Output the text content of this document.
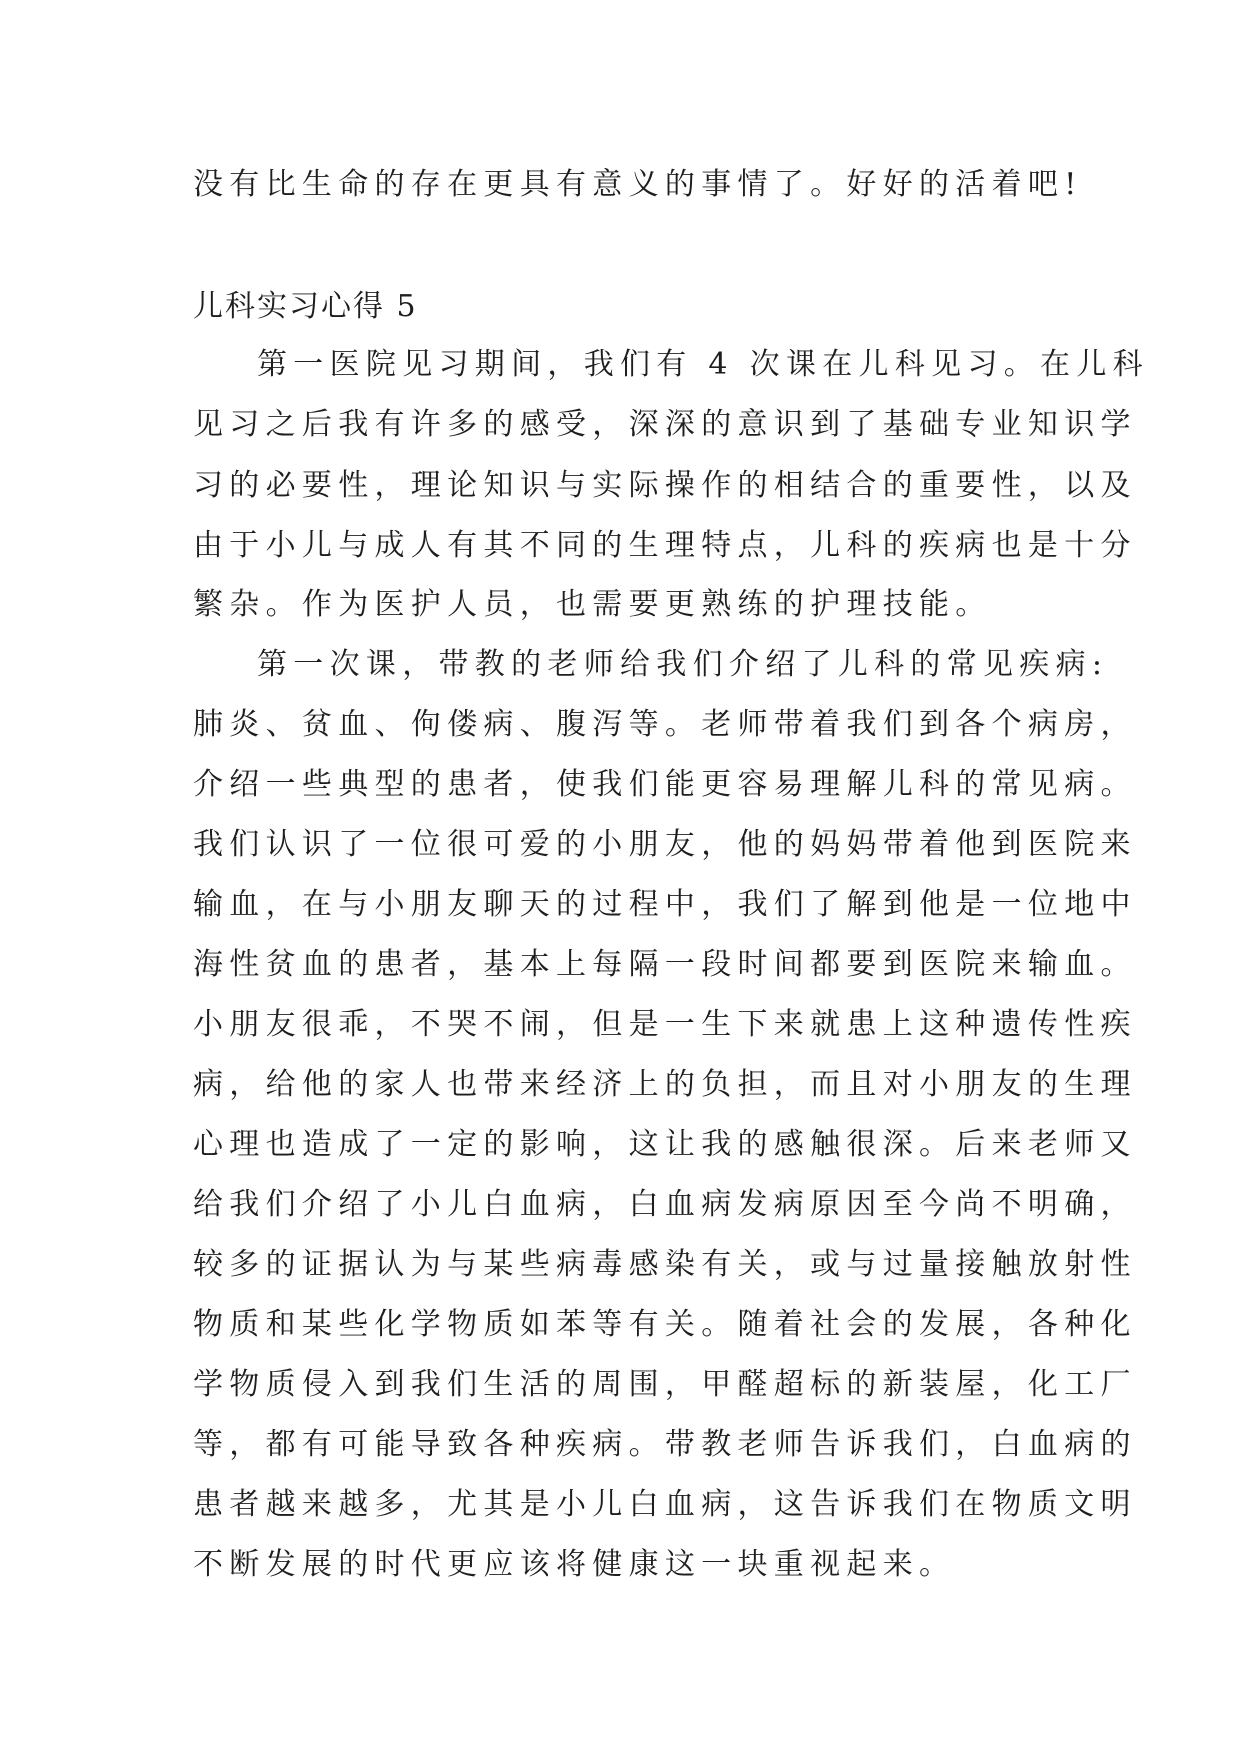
没有比生命的存在更具有意义的事情了。好好的活着吧!
儿科实习心得 5
第一医院见习期间，我们有 4 次课在儿科见习。在儿科
见习之后我有许多的感受，深深的意识到了基础专业知识学
习的必要性，理论知识与实际操作的相结合的重要性，以及
由于小儿与成人有其不同的生理特点，儿科的疾病也是十分
繁杂。作为医护人员，也需要更熟练的护理技能。
第一次课，带教的老师给我们介绍了儿科的常见疾病:
肺炎、贫血、佝偻病、腹泻等。老师带着我们到各个病房，
介绍一些典型的患者，使我们能更容易理解儿科的常见病。
我们认识了一位很可爱的小朋友，他的妈妈带着他到医院来
输血，在与小朋友聊天的过程中，我们了解到他是一位地中
海性贫血的患者，基本上每隔一段时间都要到医院来输血。
小朋友很乖，不哭不闹，但是一生下来就患上这种遗传性疾
病，给他的家人也带来经济上的负担，而且对小朋友的生理
心理也造成了一定的影响，这让我的感触很深。后来老师又
给我们介绍了小儿白血病，白血病发病原因至今尚不明确，
较多的证据认为与某些病毒感染有关，或与过量接触放射性
物质和某些化学物质如苯等有关。随着社会的发展，各种化
学物质侵入到我们生活的周围，甲醛超标的新装屋，化工厂
等，都有可能导致各种疾病。带教老师告诉我们，白血病的
患者越来越多，尤其是小儿白血病，这告诉我们在物质文明
不断发展的时代更应该将健康这一块重视起来。
